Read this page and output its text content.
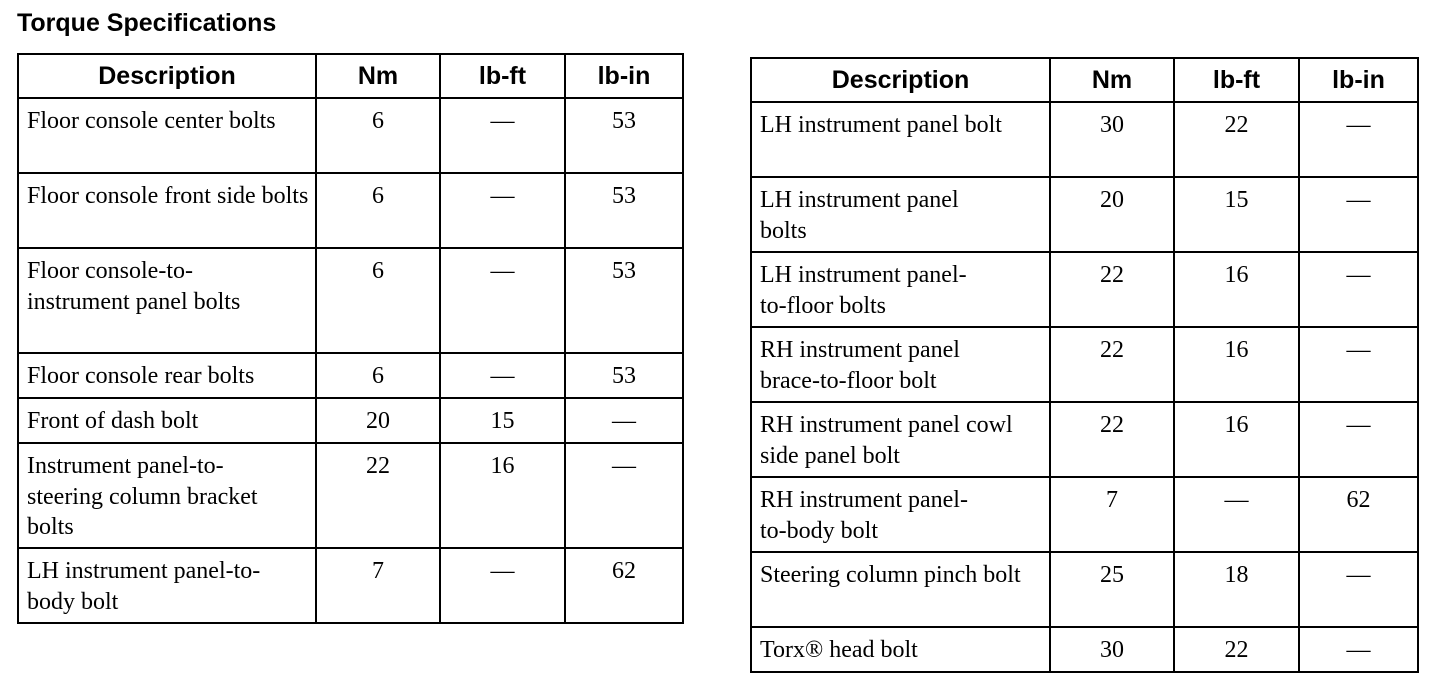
Torque Specifications
Description	Nm	lb-ft	lb-in
Floor console center bolts	6	—	53
Floor console front side bolts	6	—	53
Floor console-to-instrument panel bolts	6	—	53
Floor console rear bolts	6	—	53
Front of dash bolt	20	15	—
Instrument panel-to-steering column bracket bolts	22	16	—
LH instrument panel-to-body bolt	7	—	62
Description	Nm	lb-ft	lb-in
LH instrument panel bolt	30	22	—
LH instrument panel bolts	20	15	—
LH instrument panel-to-floor bolts	22	16	—
RH instrument panel brace-to-floor bolt	22	16	—
RH instrument panel cowl side panel bolt	22	16	—
RH instrument panel-to-body bolt	7	—	62
Steering column pinch bolt	25	18	—
Torx® head bolt	30	22	—
